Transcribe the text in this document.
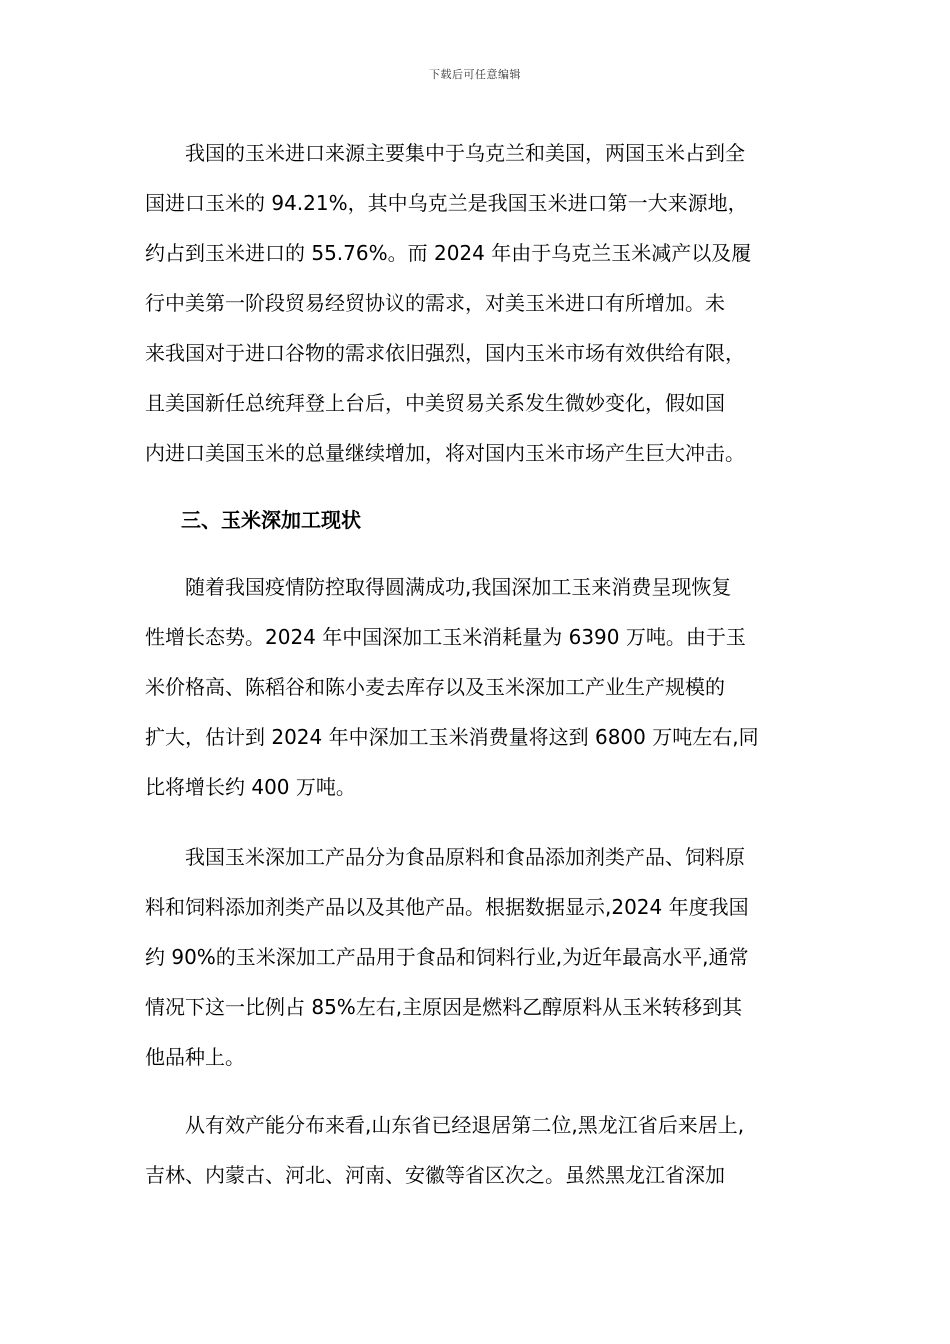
下载后可任意编辑
我国的玉米进口来源主要集中于乌克兰和美国，两国玉米占到全
国进口玉米的 94.21%，其中乌克兰是我国玉米进口第一大来源地，
约占到玉米进口的 55.76%。而 2024 年由于乌克兰玉米减产以及履
行中美第一阶段贸易经贸协议的需求，对美玉米进口有所增加。未
来我国对于进口谷物的需求依旧强烈，国内玉米市场有效供给有限，
且美国新任总统拜登上台后，中美贸易关系发生微妙变化，假如国
内进口美国玉米的总量继续增加，将对国内玉米市场产生巨大冲击。
三、玉米深加工现状
随着我国疫情防控取得圆满成功,我国深加工玉来消费呈现恢复
性增长态势。2024 年中国深加工玉米消耗量为 6390 万吨。由于玉
米价格高、陈稻谷和陈小麦去库存以及玉米深加工产业生产规模的
扩大，估计到 2024 年中深加工玉米消费量将这到 6800 万吨左右,同
比将增长约 400 万吨。
我国玉米深加工产品分为食品原料和食品添加剂类产品、饲料原
料和饲料添加剂类产品以及其他产品。根据数据显示,2024 年度我国
约 90%的玉米深加工产品用于食品和饲料行业,为近年最高水平,通常
情况下这一比例占 85%左右,主原因是燃料乙醇原料从玉米转移到其
他品种上。
从有效产能分布来看,山东省已经退居第二位,黑龙江省后来居上,
吉林、内蒙古、河北、河南、安徽等省区次之。虽然黑龙江省深加
